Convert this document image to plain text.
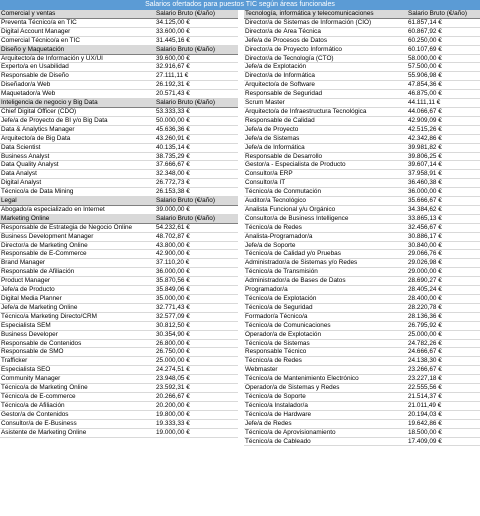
Salarios ofertados para puestos TIC según áreas funcionales
Comercial y ventas	Salario Bruto (€/año)
Preventa Técnico/a en TIC	34.125,00 €
Digital Account Manager	33.600,00 €
Comercial Técnico/a en TIC	31.445,16 €
Diseño y Maquetación	Salario Bruto (€/año)
Arquitecto/a de Información y UX/UI	39.600,00 €
Experto/a en Usabilidad	32.916,67 €
Responsable de Diseño	27.111,11 €
Diseñador/a Web	26.192,31 €
Maquetador/a Web	20.571,43 €
Inteligencia de negocio y Big Data	Salario Bruto (€/año)
Chief Digital Officer (CDO)	53.333,33 €
Jefe/a de Proyecto de BI y/o Big Data	50.000,00 €
Data & Analytics Manager	45.636,36 €
Arquitecto/a de Big Data	43.260,91 €
Data Scientist	40.135,14 €
Business Analyst	38.735,29 €
Data Quality Analyst	37.666,67 €
Data Analyst	32.348,00 €
Digital Analyst	26.772,73 €
Técnico/a de Data Mining	26.153,38 €
Legal	Salario Bruto (€/año)
Abogado/a especializado en Internet	39.000,00 €
Marketing Online	Salario Bruto (€/año)
Responsable de Estrategia de Negocio Online	54.232,61 €
Business Development Manager	48.702,87 €
Director/a de Marketing Online	43.800,00 €
Responsable de E-Commerce	42.900,00 €
Brand Manager	37.110,20 €
Responsable de Afiliación	36.000,00 €
Product Manager	35.870,56 €
Jefe/a de Producto	35.849,06 €
Digital Media Planner	35.000,00 €
Jefe/a de Marketing Online	32.771,43 €
Técnico/a Marketing Directo/CRM	32.577,09 €
Especialista SEM	30.812,50 €
Business Developer	30.354,90 €
Responsable de Contenidos	26.800,00 €
Responsable de SMO	26.750,00 €
Trafficker	25.000,00 €
Especialista SEO	24.274,51 €
Community Manager	23.948,05 €
Técnico/a de Marketing Online	23.592,31 €
Técnico/a de E-commerce	20.266,67 €
Técnico/a de Afiliación	20.200,00 €
Gestor/a de Contenidos	19.800,00 €
Consultor/a de E-Business	19.333,33 €
Asistente de Marketing Online	19.000,00 €
Tecnología, informática y telecomunicaciones	Salario Bruto (€/año)
Director/a de Sistemas de Información (CIO)	61.857,14 €
Director/a de Área Técnica	60.867,92 €
Jefe/a de Procesos de Datos	60.250,00 €
Director/a de Proyecto Informático	60.107,69 €
Director/a de Tecnología (CTO)	58.000,00 €
Jefe/a de Explotación	57.500,00 €
Director/a de Informática	55.906,98 €
Arquitecto/a de Software	47.854,36 €
Responsable de Seguridad	46.875,00 €
Scrum Master	44.111,11 €
Arquitecto/a de Infraestructura Tecnológica	44.066,67 €
Responsable de Calidad	42.909,09 €
Jefe/a de Proyecto	42.515,26 €
Jefe/a de Sistemas	42.342,86 €
Jefe/a de Informática	39.981,82 €
Responsable de Desarrollo	39.806,25 €
Gestor/a - Especialista de Producto	39.607,14 €
Consultor/a ERP	37.958,91 €
Consultor/a IT	36.460,38 €
Técnico/a de Conmutación	36.000,00 €
Auditor/a Tecnológico	35.666,67 €
Analista Funcional y/u Orgánico	34.384,62 €
Consultor/a de Business Intelligence	33.865,13 €
Técnico/a de Redes	32.456,67 €
Analista-Programador/a	30.886,17 €
Jefe/a de Soporte	30.840,00 €
Técnico/a de Calidad y/o Pruebas	29.066,76 €
Administrador/a de Sistemas y/o Redes	29.026,98 €
Técnico/a de Transmisión	29.000,00 €
Administrador/a de Bases de Datos	28.690,27 €
Programador/a	28.405,24 €
Técnico/a de Explotación	28.400,00 €
Técnico/a de Seguridad	28.220,78 €
Formador/a Técnico/a	28.136,36 €
Técnico/a de Comunicaciones	26.795,92 €
Operador/a de Explotación	25.000,00 €
Técnico/a de Sistemas	24.782,26 €
Responsable Técnico	24.666,67 €
Técnico/a de Redes	24.138,30 €
Webmaster	23.266,67 €
Técnico/a de Mantenimiento Electrónico	23.227,18 €
Operador/a de Sistemas y Redes	22.555,56 €
Técnico/a de Soporte	21.514,37 €
Técnico/a Instalador/a	21.011,49 €
Técnico/a de Hardware	20.194,03 €
Jefe/a de Redes	19.642,86 €
Técnico/a de Aprovisionamiento	18.500,00 €
Técnico/a de Cableado	17.409,09 €
